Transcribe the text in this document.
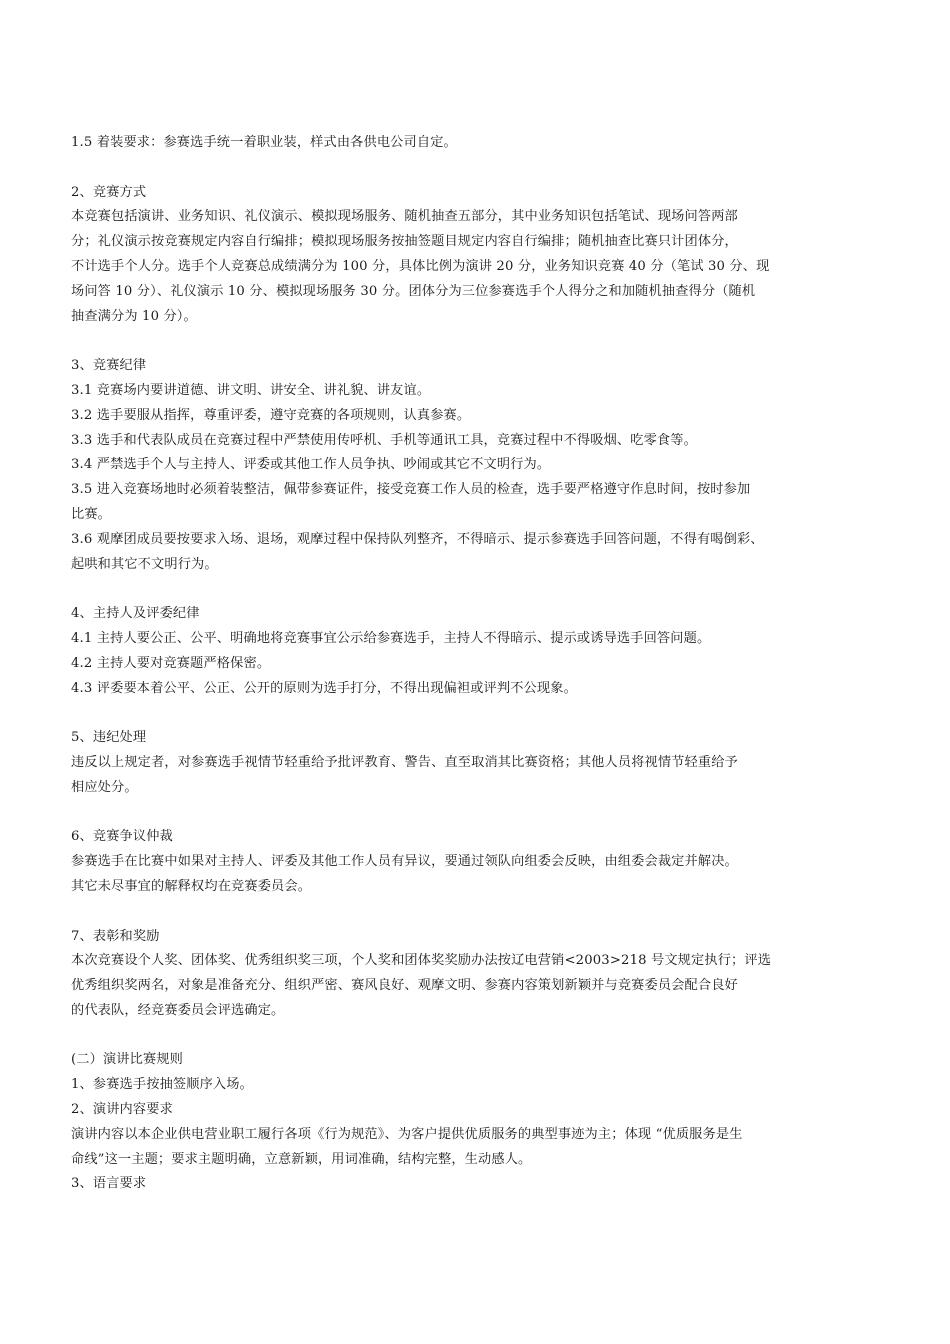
1.5 着装要求：参赛选手统一着职业装，样式由各供电公司自定。
2、竞赛方式
本竞赛包括演讲、业务知识、礼仪演示、模拟现场服务、随机抽查五部分，其中业务知识包括笔试、现场问答两部
分；礼仪演示按竞赛规定内容自行编排；模拟现场服务按抽签题目规定内容自行编排；随机抽查比赛只计团体分，
不计选手个人分。选手个人竞赛总成绩满分为 100 分，具体比例为演讲 20 分，业务知识竞赛 40 分（笔试 30 分、现
场问答 10 分）、礼仪演示 10 分、模拟现场服务 30 分。团体分为三位参赛选手个人得分之和加随机抽查得分（随机
抽查满分为 10 分）。
3、竞赛纪律
3.1 竞赛场内要讲道德、讲文明、讲安全、讲礼貌、讲友谊。
3.2 选手要服从指挥，尊重评委，遵守竞赛的各项规则，认真参赛。
3.3 选手和代表队成员在竞赛过程中严禁使用传呼机、手机等通讯工具，竞赛过程中不得吸烟、吃零食等。
3.4 严禁选手个人与主持人、评委或其他工作人员争执、吵闹或其它不文明行为。
3.5 进入竞赛场地时必须着装整洁，佩带参赛证件，接受竞赛工作人员的检查，选手要严格遵守作息时间，按时参加
比赛。
3.6 观摩团成员要按要求入场、退场，观摩过程中保持队列整齐，不得暗示、提示参赛选手回答问题，不得有喝倒彩、
起哄和其它不文明行为。
4、主持人及评委纪律
4.1 主持人要公正、公平、明确地将竞赛事宜公示给参赛选手，主持人不得暗示、提示或诱导选手回答问题。
4.2 主持人要对竞赛题严格保密。
4.3 评委要本着公平、公正、公开的原则为选手打分，不得出现偏袒或评判不公现象。
5、违纪处理
违反以上规定者，对参赛选手视情节轻重给予批评教育、警告、直至取消其比赛资格；其他人员将视情节轻重给予
相应处分。
6、竞赛争议仲裁
参赛选手在比赛中如果对主持人、评委及其他工作人员有异议，要通过领队向组委会反映，由组委会裁定并解决。
其它未尽事宜的解释权均在竞赛委员会。
7、表彰和奖励
本次竞赛设个人奖、团体奖、优秀组织奖三项，个人奖和团体奖奖励办法按辽电营销<2003>218 号文规定执行；评选
优秀组织奖两名，对象是准备充分、组织严密、赛风良好、观摩文明、参赛内容策划新颖并与竞赛委员会配合良好
的代表队，经竞赛委员会评选确定。
(二）演讲比赛规则
1、参赛选手按抽签顺序入场。
2、演讲内容要求
演讲内容以本企业供电营业职工履行各项《行为规范》、为客户提供优质服务的典型事迹为主；体现 “优质服务是生
命线”这一主题；要求主题明确，立意新颖，用词准确，结构完整，生动感人。
3、语言要求
